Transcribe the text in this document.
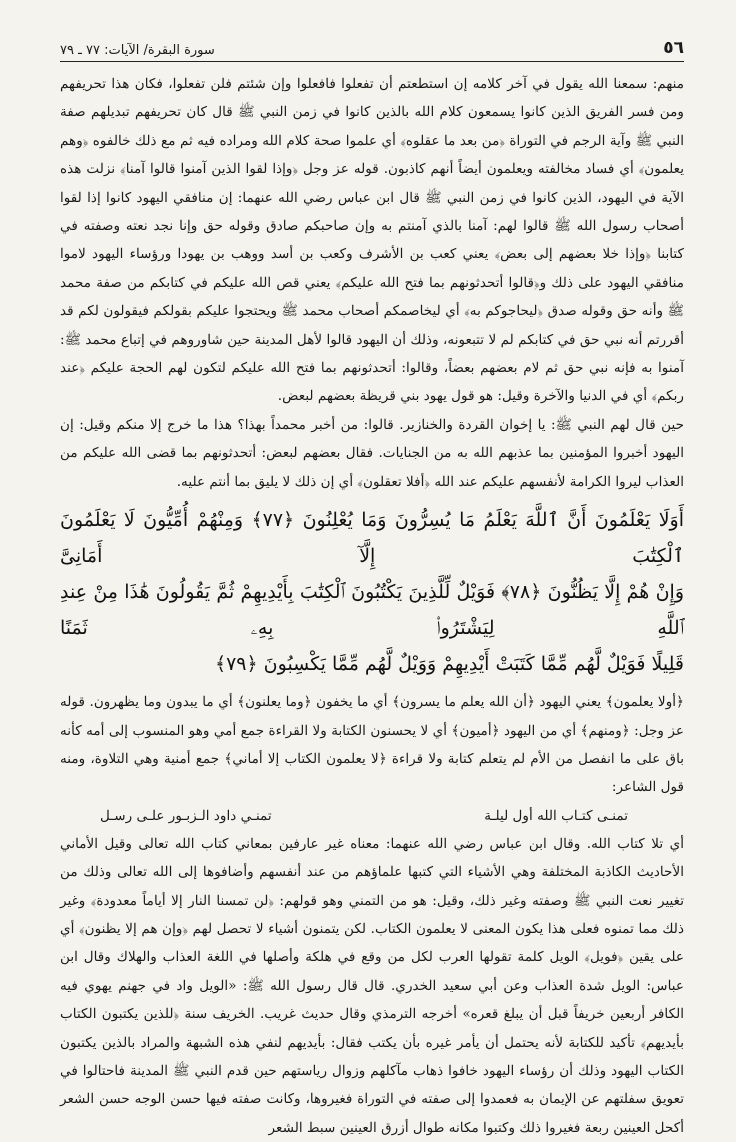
٥٦
سورة البقرة/ الآيات: ٧٧ ـ ٧٩

منهم: سمعنا الله يقول في آخر كلامه إن استطعتم أن تفعلوا فافعلوا وإن شئتم فلن تفعلوا، فكان هذا تحريفهم ومن فسر الفريق الذين كانوا يسمعون كلام الله بالذين كانوا في زمن النبي ﷺ قال كان تحريفهم تبديلهم صفة النبي ﷺ وآية الرجم في التوراة ﴿من بعد ما عقلوه﴾ أي علموا صحة كلام الله ومراده فيه ثم مع ذلك خالفوه ﴿وهم يعلمون﴾ أي فساد مخالفته ويعلمون أيضاً أنهم كاذبون. قوله عز وجل ﴿وإذا لقوا الذين آمنوا قالوا آمنا﴾ نزلت هذه الآية في اليهود، الذين كانوا في زمن النبي ﷺ قال ابن عباس رضي الله عنهما: إن منافقي اليهود كانوا إذا لقوا أصحاب رسول الله ﷺ قالوا لهم: آمنا بالذي آمنتم به وإن صاحبكم صادق وقوله حق وإنا نجد نعته وصفته في كتابنا ﴿وإذا خلا بعضهم إلى بعض﴾ يعني كعب بن الأشرف وكعب بن أسد ووهب بن يهودا ورؤساء اليهود لاموا منافقي اليهود على ذلك و﴿قالوا أتحدثونهم بما فتح الله عليكم﴾ يعني قص الله عليكم في كتابكم من صفة محمد ﷺ وأنه حق وقوله صدق ﴿ليحاجوكم به﴾ أي ليخاصمكم أصحاب محمد ﷺ ويحتجوا عليكم بقولكم فيقولون لكم قد أقررتم أنه نبي حق في كتابكم لم لا تتبعونه، وذلك أن اليهود قالوا لأهل المدينة حين شاوروهم في إتباع محمد ﷺ: آمنوا به فإنه نبي حق ثم لام بعضهم بعضاً، وقالوا: أتحدثونهم بما فتح الله عليكم لتكون لهم الحجة عليكم ﴿عند ربكم﴾ أي في الدنيا والآخرة وقيل: هو قول يهود بني قريظة بعضهم لبعض.

حين قال لهم النبي ﷺ: يا إخوان القردة والخنازير. قالوا: من أخبر محمداً بهذا؟ هذا ما خرج إلا منكم وقيل: إن اليهود أخبروا المؤمنين بما عذبهم الله به من الجنايات. فقال بعضهم لبعض: أتحدثونهم بما قضى الله عليكم من العذاب ليروا الكرامة لأنفسهم عليكم عند الله ﴿أفلا تعقلون﴾ أي إن ذلك لا يليق بما أنتم عليه.

أَوَلَا يَعْلَمُونَ أَنَّ ٱللَّهَ يَعْلَمُ مَا يُسِرُّونَ وَمَا يُعْلِنُونَ ﴿٧٧﴾ وَمِنْهُمْ أُمِّيُّونَ لَا يَعْلَمُونَ ٱلْكِتَٰبَ إِلَّآ أَمَانِىَّ
وَإِنْ هُمْ إِلَّا يَظُنُّونَ ﴿٧٨﴾ فَوَيْلٌ لِّلَّذِينَ يَكْتُبُونَ ٱلْكِتَٰبَ بِأَيْدِيهِمْ ثُمَّ يَقُولُونَ هَٰذَا مِنْ عِندِ ٱللَّهِ لِيَشْتَرُوا۟ بِهِۦ ثَمَنًا
قَلِيلًا فَوَيْلٌ لَّهُم مِّمَّا كَتَبَتْ أَيْدِيهِمْ وَوَيْلٌ لَّهُم مِّمَّا يَكْسِبُونَ ﴿٧٩﴾

﴿أولا يعلمون﴾ يعني اليهود ﴿أن الله يعلم ما يسرون﴾ أي ما يخفون ﴿وما يعلنون﴾ أي ما يبدون وما يظهرون. قوله عز وجل: ﴿ومنهم﴾ أي من اليهود ﴿أميون﴾ أي لا يحسنون الكتابة ولا القراءة جمع أمي وهو المنسوب إلى أمه كأنه باق على ما انفصل من الأم لم يتعلم كتابة ولا قراءة ﴿لا يعلمون الكتاب إلا أماني﴾ جمع أمنية وهي التلاوة، ومنه قول الشاعر:

تمنـى كتـاب الله أول ليلـة
تمنـي داود الـزبـور علـى رسـل

أي تلا كتاب الله. وقال ابن عباس رضي الله عنهما: معناه غير عارفين بمعاني كتاب الله تعالى وقيل الأماني الأحاديث الكاذبة المختلفة وهي الأشياء التي كتبها علماؤهم من عند أنفسهم وأضافوها إلى الله تعالى وذلك من تغيير نعت النبي ﷺ وصفته وغير ذلك، وقيل: هو من التمني وهو قولهم: ﴿لن تمسنا النار إلا أياماً معدودة﴾ وغير ذلك مما تمنوه فعلى هذا يكون المعنى لا يعلمون الكتاب. لكن يتمنون أشياء لا تحصل لهم ﴿وإن هم إلا يظنون﴾ أي على يقين ﴿فويل﴾ الويل كلمة تقولها العرب لكل من وقع في هلكة وأصلها في اللغة العذاب والهلاك وقال ابن عباس: الويل شدة العذاب وعن أبي سعيد الخدري. قال قال رسول الله ﷺ: «الويل واد في جهنم يهوي فيه الكافر أربعين خريفاً قبل أن يبلغ قعره» أخرجه الترمذي وقال حديث غريب. الخريف سنة ﴿للذين يكتبون الكتاب بأيديهم﴾ تأكيد للكتابة لأنه يحتمل أن يأمر غيره بأن يكتب فقال: بأيديهم لنفي هذه الشبهة والمراد بالذين يكتبون الكتاب اليهود وذلك أن رؤساء اليهود خافوا ذهاب مآكلهم وزوال رياستهم حين قدم النبي ﷺ المدينة فاحتالوا في تعويق سفلتهم عن الإيمان به فعمدوا إلى صفته في التوراة فغيروها، وكانت صفته فيها حسن الوجه حسن الشعر أكحل العينين ربعة فغيروا ذلك وكتبوا مكانه طوال أزرق العينين سبط الشعر
